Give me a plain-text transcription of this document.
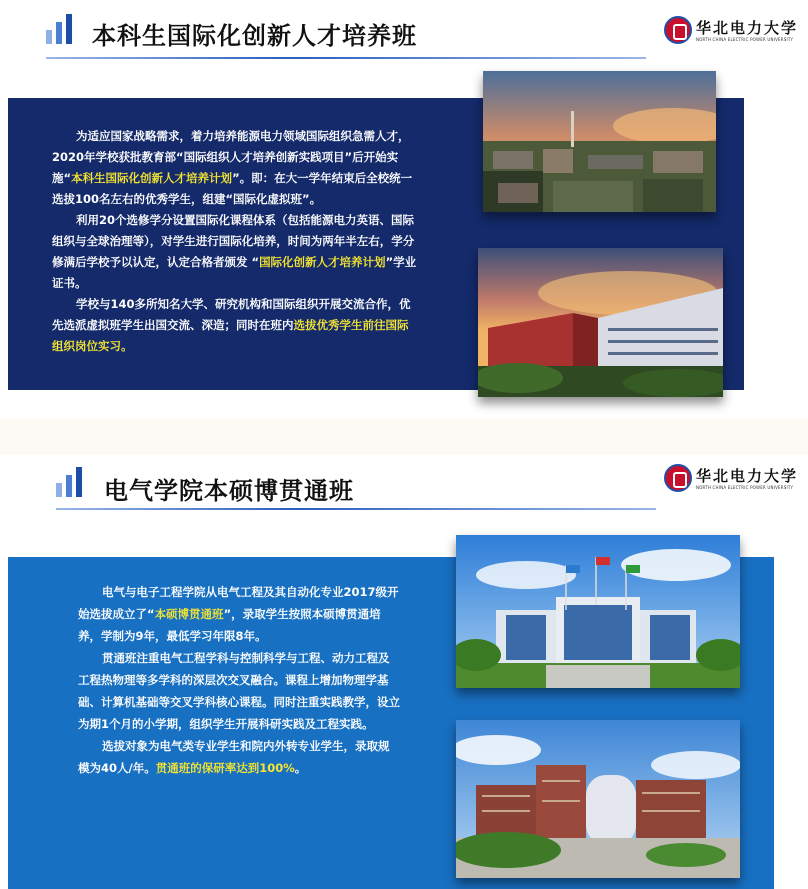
本科生国际化创新人才培养班	华北电力大学
NORTH CHINA ELECTRIC POWER UNIVERSITY

为适应国家战略需求，着力培养能源电力领域国际组织急需人才，2020年学校获批教育部“国际组织人才培养创新实践项目”后开始实施“本科生国际化创新人才培养计划”。即：在大一学年结束后全校统一选拔100名左右的优秀学生，组建“国际化虚拟班”。

利用20个选修学分设置国际化课程体系（包括能源电力英语、国际组织与全球治理等），对学生进行国际化培养，时间为两年半左右，学分修满后学校予以认定，认定合格者颁发 “国际化创新人才培养计划”学业证书。

学校与140多所知名大学、研究机构和国际组织开展交流合作，优先选派虚拟班学生出国交流、深造；同时在班内选拔优秀学生前往国际组织岗位实习。

电气学院本硕博贯通班
华北电力大学
NORTH CHINA ELECTRIC POWER UNIVERSITY

电气与电子工程学院从电气工程及其自动化专业2017级开始选拔成立了“本硕博贯通班”，录取学生按照本硕博贯通培养，学制为9年，最低学习年限8年。

贯通班注重电气工程学科与控制科学与工程、动力工程及工程热物理等多学科的深层次交叉融合。课程上增加物理学基础、计算机基础等交叉学科核心课程。同时注重实践教学，设立为期1个月的小学期，组织学生开展科研实践及工程实践。

选拔对象为电气类专业学生和院内外转专业学生，录取规模为40人/年。贯通班的保研率达到100%。
